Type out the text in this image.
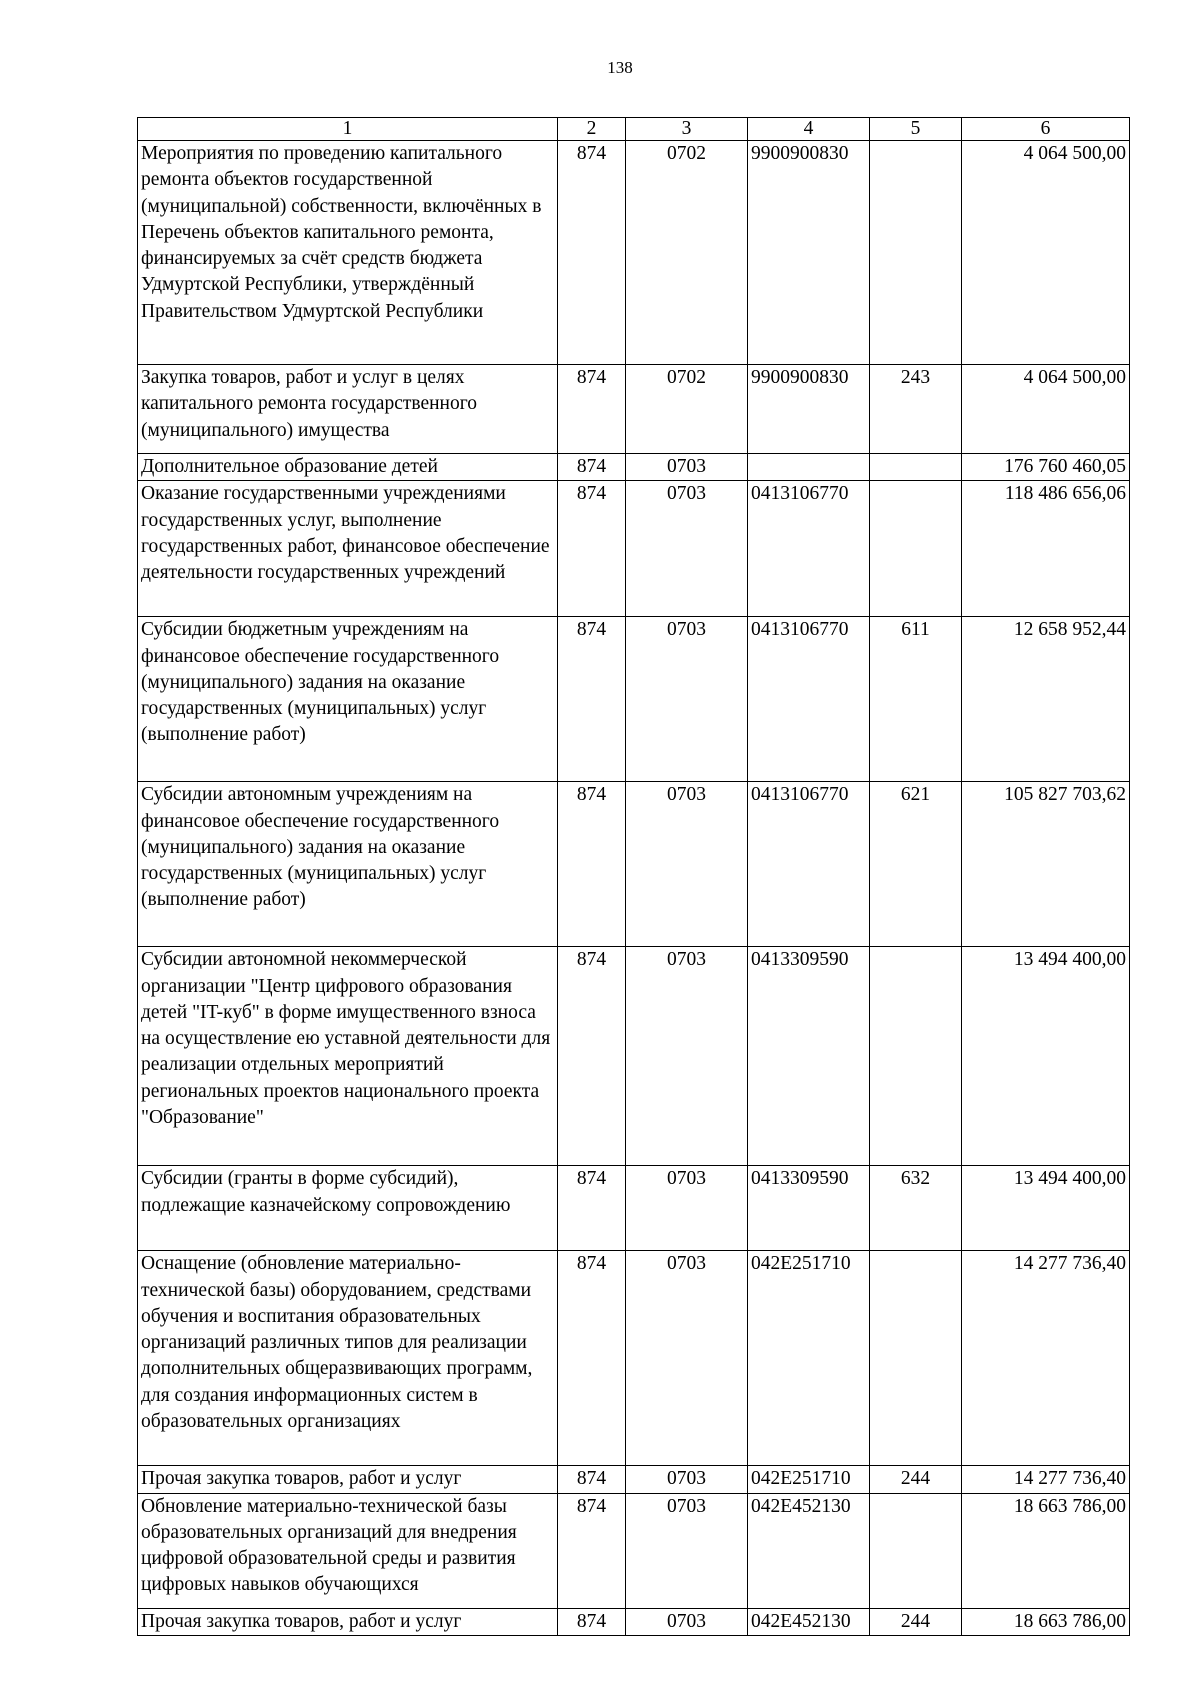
138
1	2	3	4	5	6
Мероприятия по проведению капитального ремонта объектов государственной (муниципальной) собственности, включённых в Перечень объектов капитального ремонта, финансируемых за счёт средств бюджета Удмуртской Республики, утверждённый Правительством Удмуртской Республики	874	0702	9900900830		4 064 500,00
Закупка товаров, работ и услуг в целях капитального ремонта государственного (муниципального) имущества	874	0702	9900900830	243	4 064 500,00
Дополнительное образование детей	874	0703			176 760 460,05
Оказание государственными учреждениями государственных услуг, выполнение государственных работ, финансовое обеспечение деятельности государственных учреждений	874	0703	0413106770		118 486 656,06
Субсидии бюджетным учреждениям на финансовое обеспечение государственного (муниципального) задания на оказание государственных (муниципальных) услуг (выполнение работ)	874	0703	0413106770	611	12 658 952,44
Субсидии автономным учреждениям на финансовое обеспечение государственного (муниципального) задания на оказание государственных (муниципальных) услуг (выполнение работ)	874	0703	0413106770	621	105 827 703,62
Субсидии автономной некоммерческой организации "Центр цифрового образования детей "IT-куб" в форме имущественного взноса на осуществление ею уставной деятельности для реализации отдельных мероприятий региональных проектов национального проекта "Образование"	874	0703	0413309590		13 494 400,00
Субсидии (гранты в форме субсидий), подлежащие казначейскому сопровождению	874	0703	0413309590	632	13 494 400,00
Оснащение (обновление материально-технической базы) оборудованием, средствами обучения и воспитания образовательных организаций различных типов для реализации дополнительных общеразвивающих программ, для создания информационных систем в образовательных организациях	874	0703	042E251710		14 277 736,40
Прочая закупка товаров, работ и услуг	874	0703	042E251710	244	14 277 736,40
Обновление материально-технической базы образовательных организаций для внедрения цифровой образовательной среды и развития цифровых навыков обучающихся	874	0703	042E452130		18 663 786,00
Прочая закупка товаров, работ и услуг	874	0703	042E452130	244	18 663 786,00
